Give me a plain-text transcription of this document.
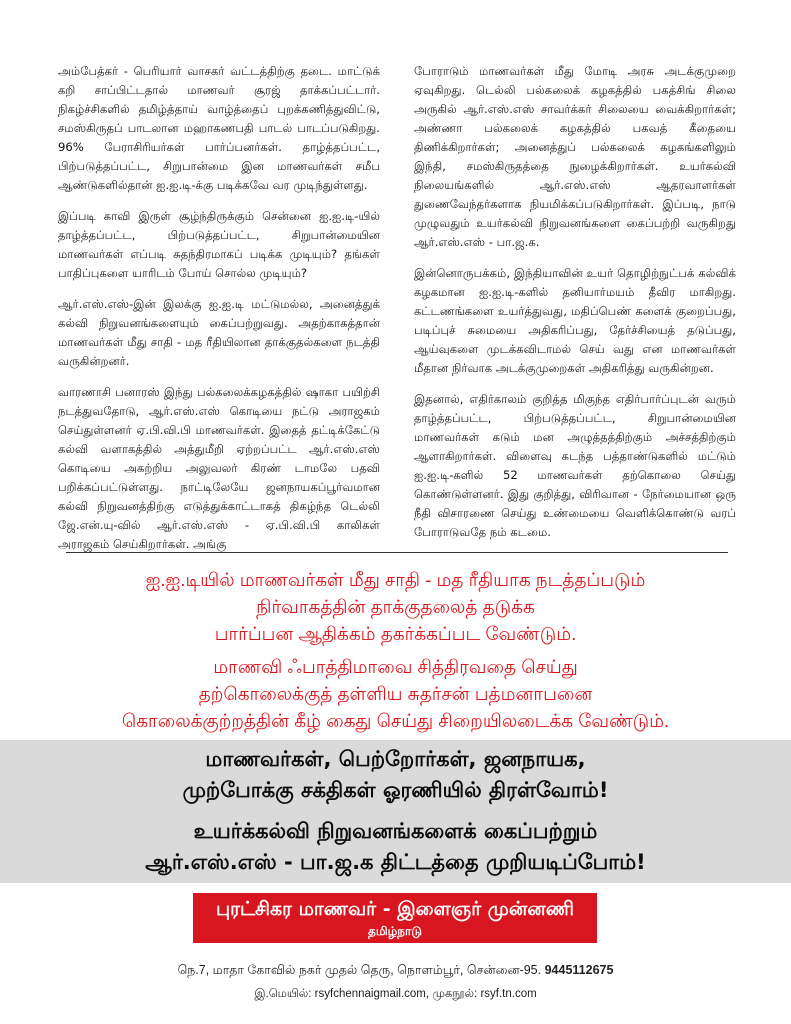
அம்பேத்கர் - பெரியார் வாசகர் வட்டத்திற்கு தடை. மாட்டுக் கறி சாப்பிட்டதால் மாணவர் சூரஜ் தாக்கப்பட்டார். நிகழ்ச்சிகளில் தமிழ்த்தாய் வாழ்த்தைப் புறக்கணித்துவிட்டு, சமஸ்கிருதப் பாடலான மஹாகணபதி பாடல் பாடப்படுகிறது. 96% பேராசிரியர்கள் பார்ப்பனர்கள். தாழ்த்தப்பட்ட, பிற்படுத்தப்பட்ட, சிறுபான்மை இன மாணவர்கள் சமீப ஆண்டுகளில்தான் ஐ.ஐ.டி-க்கு படிக்கவே வர முடிந்துள்ளது.

இப்படி காவி இருள் சூழ்ந்திருக்கும் சென்னை ஐ.ஐ.டி-யில் தாழ்த்தப்பட்ட, பிற்படுத்தப்பட்ட, சிறுபான்மையின மாணவர்கள் எப்படி சுதந்திரமாகப் படிக்க முடியும்? தங்கள் பாதிப்புகளை யாரிடம் போய் சொல்ல முடியும்?

ஆர்.எஸ்.எஸ்-இன் இலக்கு ஐ.ஐ.டி மட்டுமல்ல, அனைத்துக் கல்வி நிறுவனங்களையும் கைப்பற்றுவது. அதற்காகத்தான் மாணவர்கள் மீது சாதி - மத ரீதியிலான தாக்குதல்களை நடத்தி வருகின்றனர்.

வாரணாசி பனாரஸ் இந்து பல்கலைக்கழகத்தில் ஷாகா பயிற்சி நடத்துவதோடு, ஆர்.எஸ்.எஸ் கொடியை நட்டு அராஜகம் செய்துள்ளனர் ஏ.பி.வி.பி மாணவர்கள். இதைத் தட்டிக்கேட்டு கல்வி வளாகத்தில் அத்துமீறி ஏற்றப்பட்ட ஆர்.எஸ்.எஸ் கொடியை அகற்றிய அலுவலர் கிரண் டாமலே பதவி பறிக்கப்பட்டுள்ளது. நாட்டிலேயே ஜனநாயகப்பூர்வமான கல்வி நிறுவனத்திற்கு எடுத்துக்காட்டாகத் திகழ்ந்த டெல்லி ஜே.என்.யு-வில் ஆர்.எஸ்.எஸ் - ஏ.பி.வி.பி காலிகள் அராஜகம் செய்கிறார்கள். அங்கு

போராடும் மாணவர்கள் மீது மோடி அரசு அடக்குமுறை ஏவுகிறது. டெல்லி பல்கலைக் கழகத்தில் பகத்சிங் சிலை அருகில் ஆர்.எஸ்.எஸ் சாவர்க்கர் சிலையை வைக்கிறார்கள்; அண்ணா பல்கலைக் கழகத்தில் பகவத் கீதையை திணிக்கிறார்கள்; அனைத்துப் பல்கலைக் கழகங்களிலும் இந்தி, சமஸ்கிருதத்தை நுழைக்கிறார்கள். உயர்கல்வி நிலையங்களில் ஆர்.எஸ்.எஸ் ஆதரவாளர்கள் துணைவேந்தர்களாக நியமிக்கப்படுகிறார்கள். இப்படி, நாடு முழுவதும் உயர்கல்வி நிறுவனங்களை கைப்பற்றி வருகிறது ஆர்.எஸ்.எஸ் - பா.ஜ.க.

இன்னொருபக்கம், இந்தியாவின் உயர் தொழிற்நுட்பக் கல்விக் கழகமான ஐ.ஐ.டி-களில் தனியார்மயம் தீவிர மாகிறது. கட்டணங்களை உயர்த்துவது, மதிப்பெண் களைக் குறைப்பது, படிப்புச் சுமையை அதிகரிப்பது, தேர்ச்சியைத் தடுப்பது, ஆய்வுகளை முடக்கவிடாமல் செய் வது என மாணவர்கள் மீதான நிர்வாக அடக்குமுறைகள் அதிகரித்து வருகின்றன.

இதனால், எதிர்காலம் குறித்த மிகுந்த எதிர்பார்ப்புடன் வரும் தாழ்த்தப்பட்ட, பிற்படுத்தப்பட்ட, சிறுபான்மையின மாணவர்கள் கடும் மன அழுத்தத்திற்கும் அச்சத்திற்கும் ஆளாகிறார்கள். விளைவு கடந்த பத்தாண்டுகளில் மட்டும் ஐ.ஐ.டி-களில் 52 மாணவர்கள் தற்கொலை செய்து கொண்டுள்ளனர். இது குறித்து, விரிவான - நேர்மையான ஒரு நீதி விசாரணை செய்து உண்மையை வெளிக்கொண்டு வரப் போராடுவதே நம் கடமை.

ஐ.ஐ.டியில் மாணவர்கள் மீது சாதி - மத ரீதியாக நடத்தப்படும்
நிர்வாகத்தின் தாக்குதலைத் தடுக்க
பார்ப்பன ஆதிக்கம் தகர்க்கப்பட வேண்டும்.
மாணவி ஃபாத்திமாவை சித்திரவதை செய்து
தற்கொலைக்குத் தள்ளிய சுதர்சன் பத்மனாபனை
கொலைக்குற்றத்தின் கீழ் கைது செய்து சிறையிலடைக்க வேண்டும்.
மாணவர்கள், பெற்றோர்கள், ஜனநாயக,
முற்போக்கு சக்திகள் ஓரணியில் திரள்வோம்!
உயர்க்கல்வி நிறுவனங்களைக் கைப்பற்றும்
ஆர்.எஸ்.எஸ் - பா.ஜ.க திட்டத்தை முறியடிப்போம்!
புரட்சிகர மாணவர் - இளைஞர் முன்னணி
தமிழ்நாடு
நெ.7, மாதா கோவில் நகர் முதல் தெரு, நொளம்பூர், சென்னை-95. 9445112675
இ.மெயில்: rsyfchennaigmail.com, முகநூல்: rsyf.tn.com
